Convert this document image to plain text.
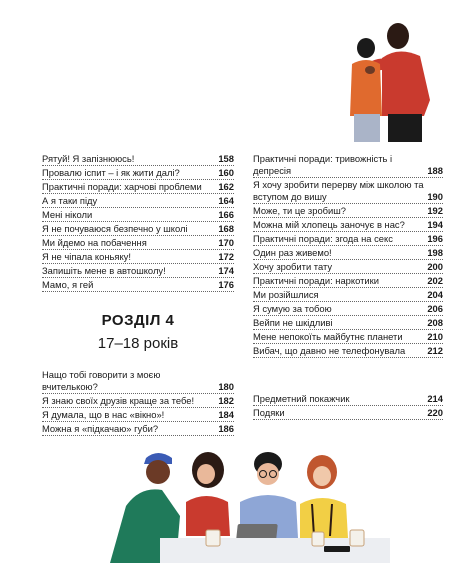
Рятуй! Я запізнююсь!	158
Провалю іспит – і як жити далі?	160
Практичні поради: харчові проблеми	162
А я таки піду	164
Мені ніколи	166
Я не почуваюся безпечно у школі	168
Ми йдемо на побачення	170
Я не чіпала коньяку!	172
Запишіть мене в автошколу!	174
Мамо, я гей	176
РОЗДІЛ 4
17–18 років
Нащо тобі говорити з моєю вчителькою?	180
Я знаю своїх друзів краще за тебе!	182
Я думала, що в нас «вікно»!	184
Можна я «підкачаю» губи?	186
Практичні поради: тривожність і депресія	188
Я хочу зробити перерву між школою та вступом до вишу	190
Може, ти це зробиш?	192
Можна мій хлопець заночує в нас?	194
Практичні поради: згода на секс	196
Один раз живемо!	198
Хочу зробити тату	200
Практичні поради: наркотики	202
Ми розійшлися	204
Я сумую за тобою	206
Вейпи не шкідливі	208
Мене непокоїть майбутнє планети	210
Вибач, що давно не телефонувала	212
Предметний покажчик	214
Подяки	220
